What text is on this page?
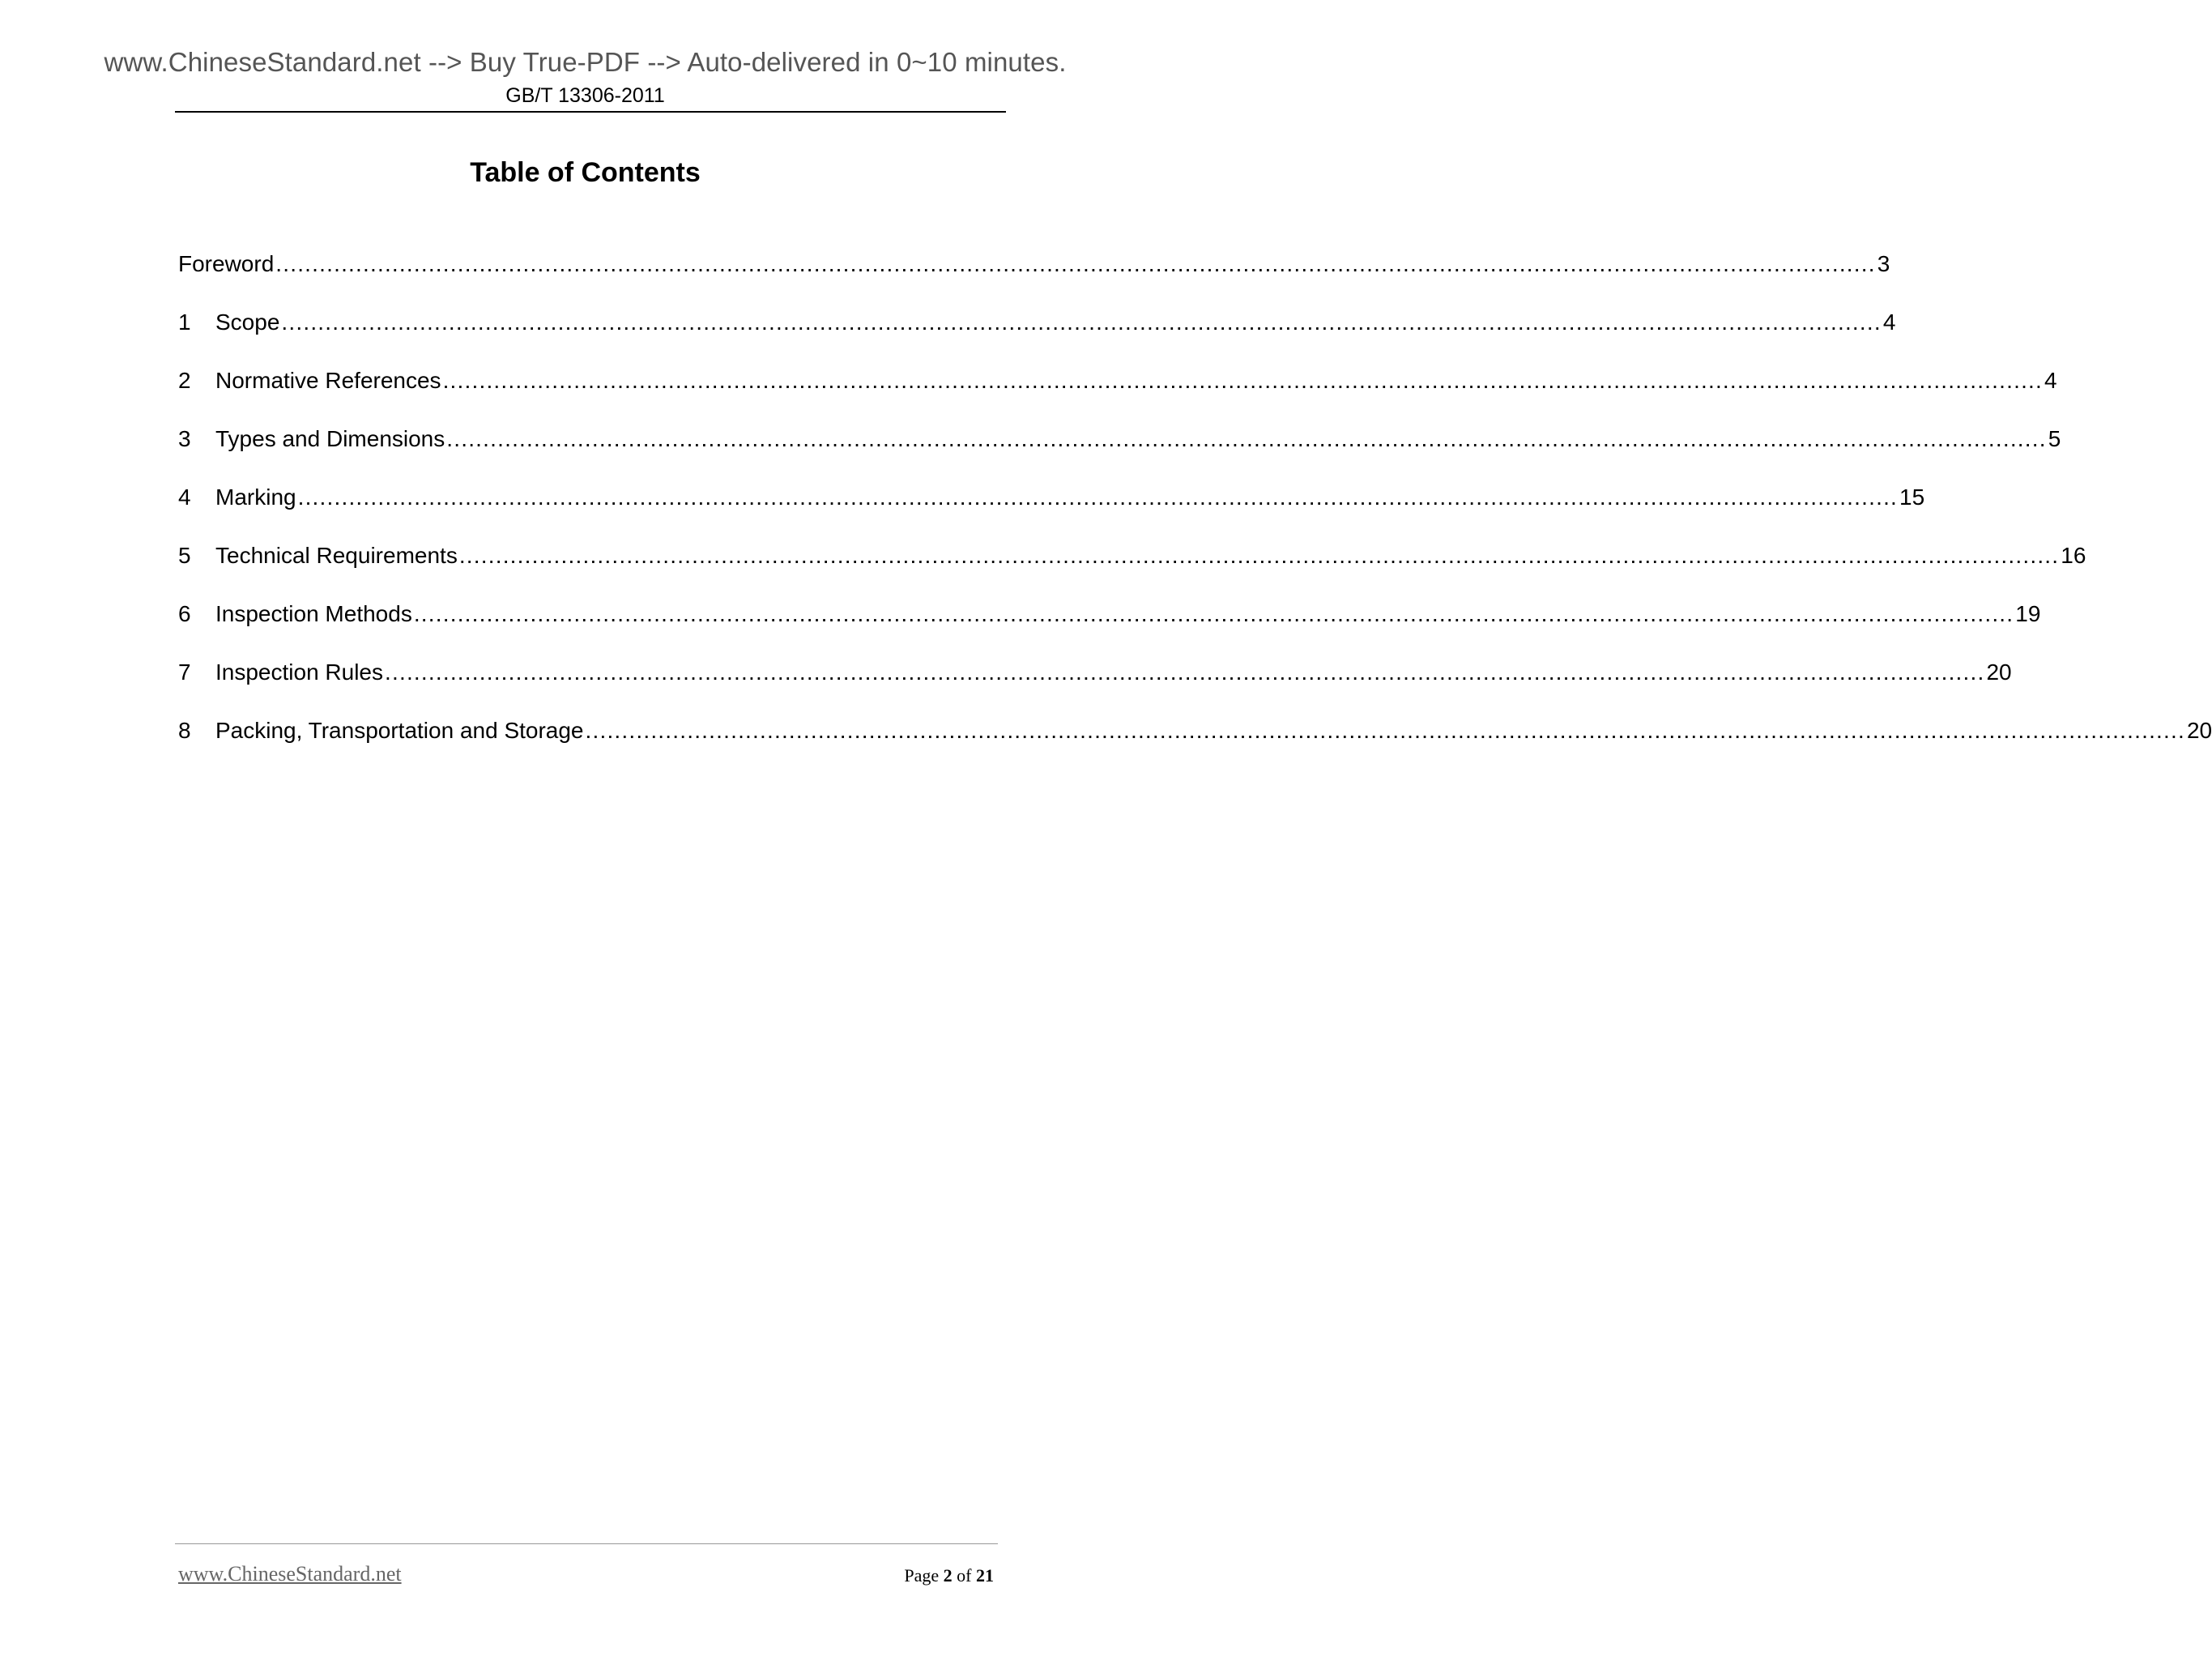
www.ChineseStandard.net --> Buy True-PDF --> Auto-delivered in 0~10 minutes.
GB/T 13306-2011
Table of Contents
Foreword ............................................................................................................................................................................................................................ 3
1	Scope ............................................................................................................................................................................................................................ 4
2	Normative References ............................................................................................................................................................................................................................ 4
3	Types and Dimensions ............................................................................................................................................................................................................................ 5
4	Marking ............................................................................................................................................................................................................................ 15
5	Technical Requirements ............................................................................................................................................................................................................................ 16
6	Inspection Methods ............................................................................................................................................................................................................................ 19
7	Inspection Rules ............................................................................................................................................................................................................................ 20
8	Packing, Transportation and Storage ............................................................................................................................................................................................................................ 20
www.ChineseStandard.net	Page 2 of 21
